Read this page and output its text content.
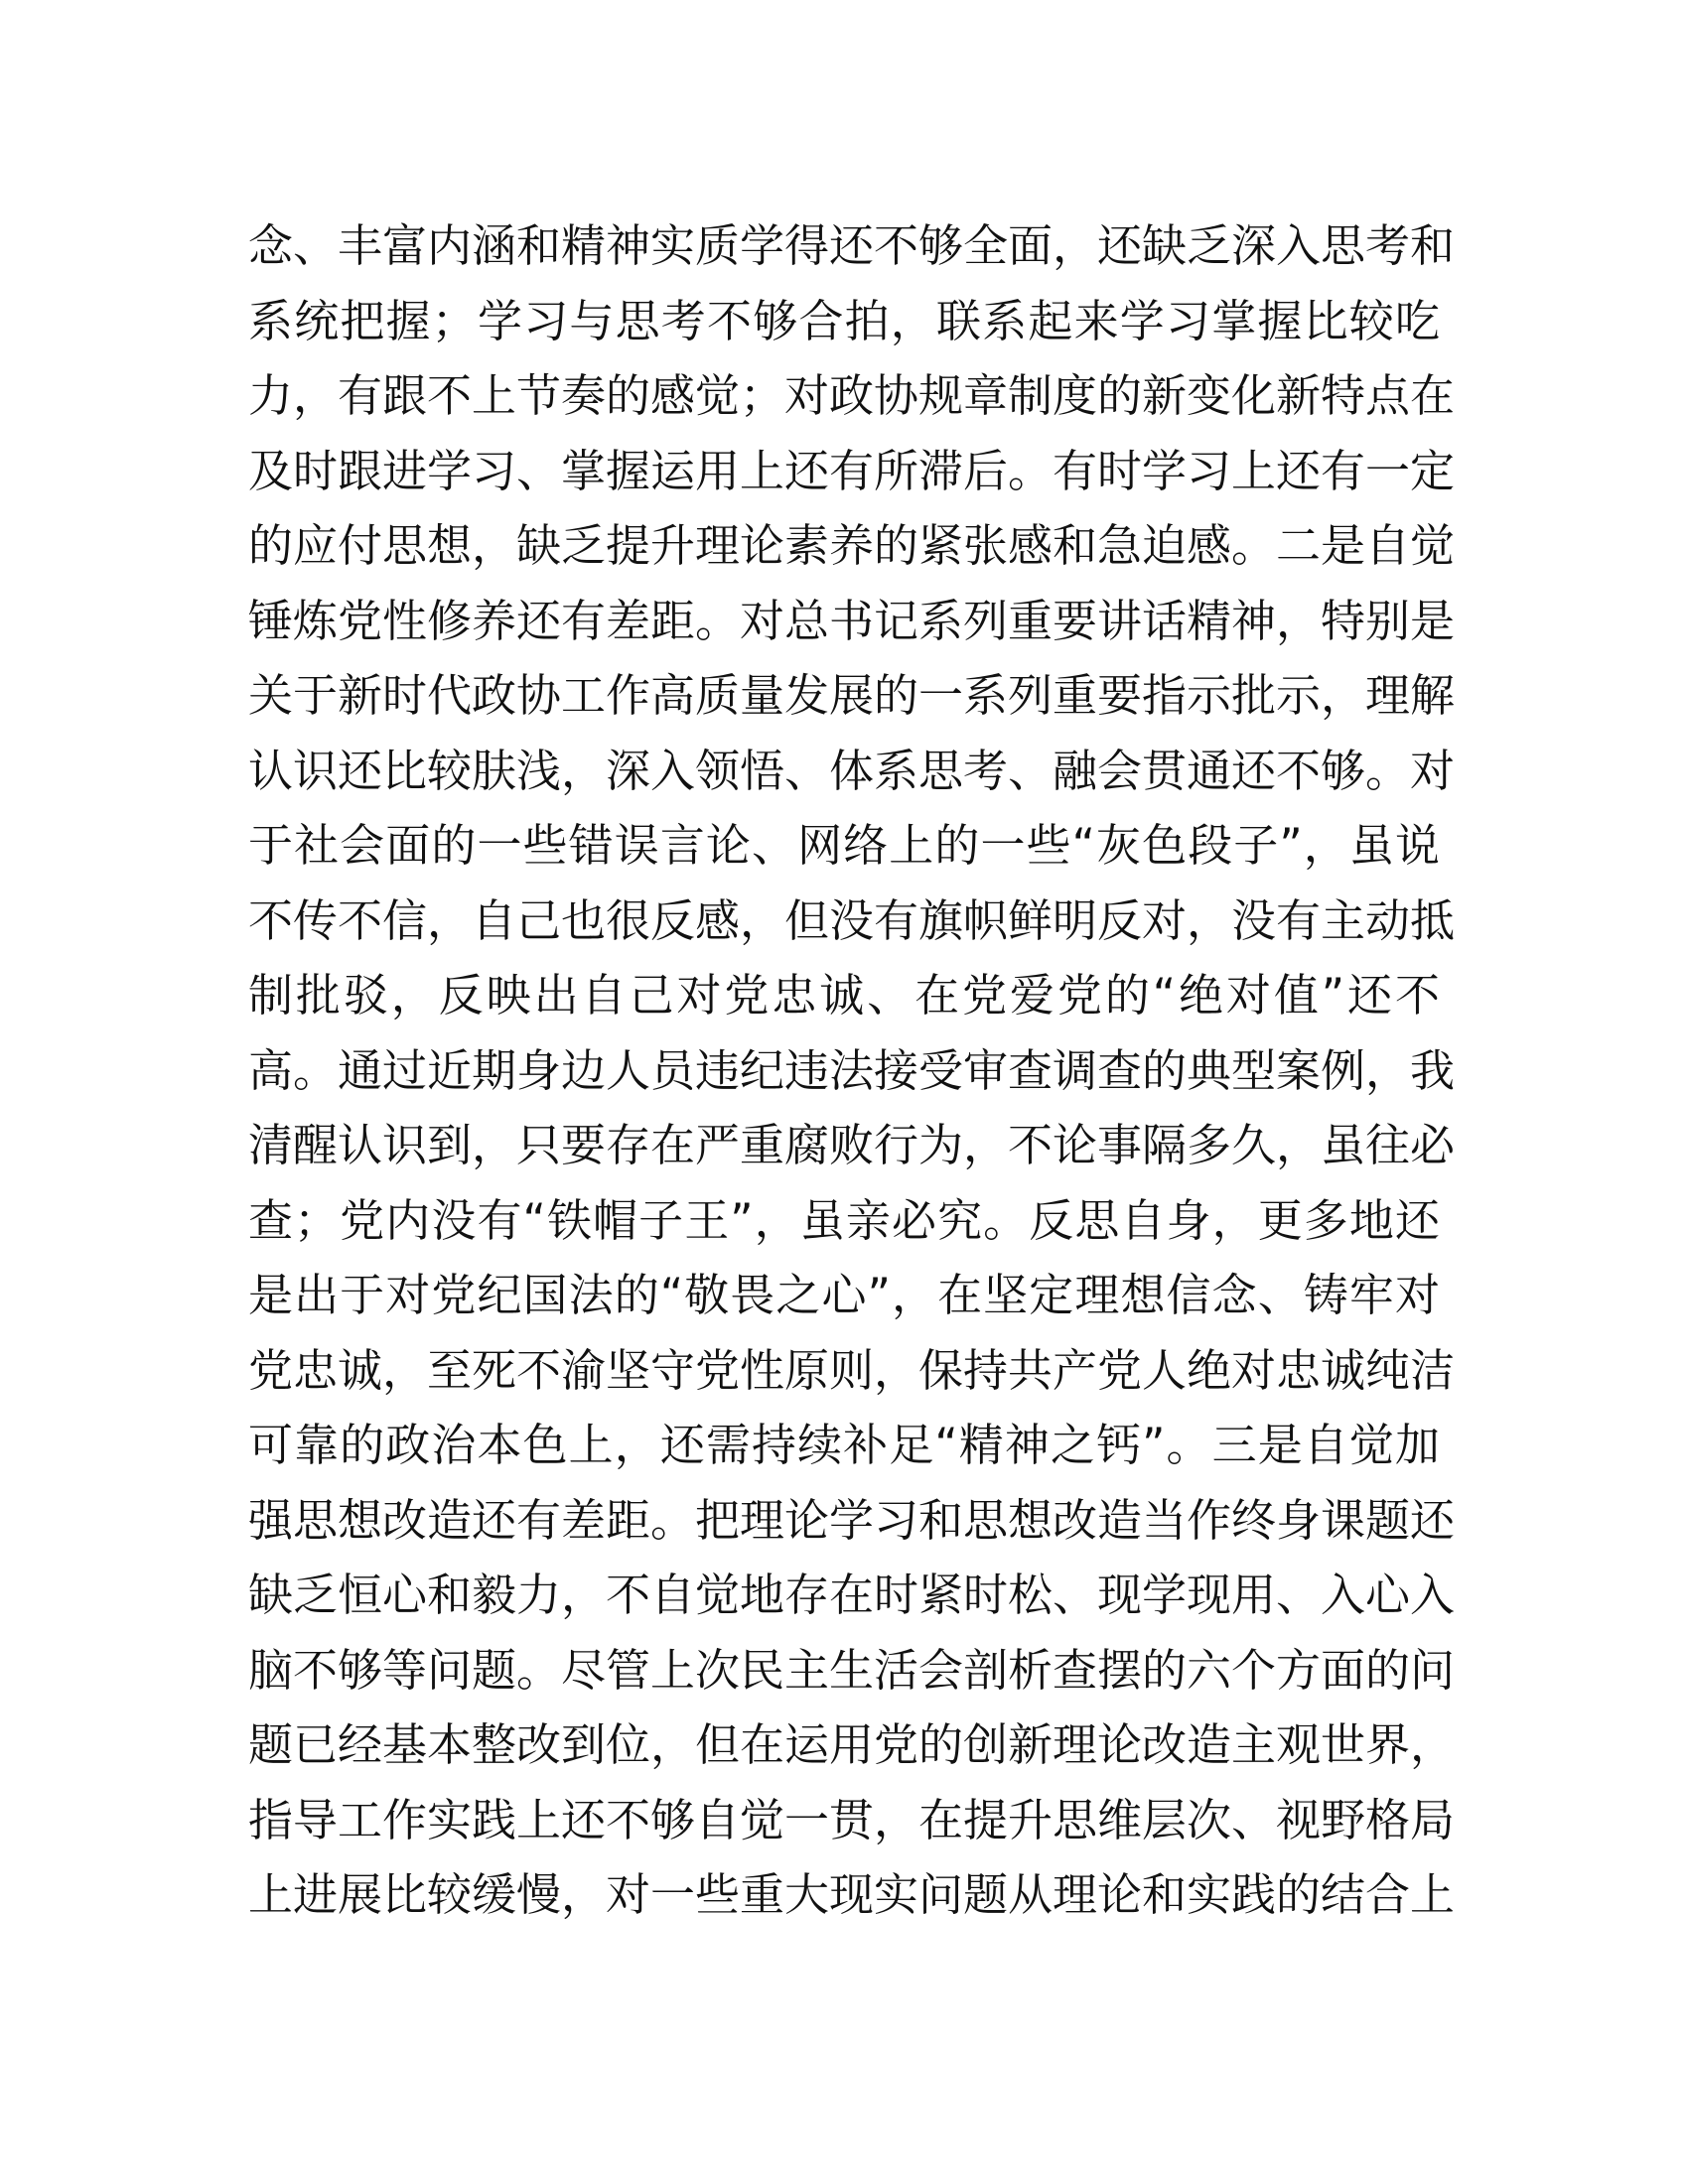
念、丰富内涵和精神实质学得还不够全面，还缺乏深入思考和
系统把握；学习与思考不够合拍，联系起来学习掌握比较吃
力，有跟不上节奏的感觉；对政协规章制度的新变化新特点在
及时跟进学习、掌握运用上还有所滞后。有时学习上还有一定
的应付思想，缺乏提升理论素养的紧张感和急迫感。二是自觉
锤炼党性修养还有差距。对总书记系列重要讲话精神，特别是
关于新时代政协工作高质量发展的一系列重要指示批示，理解
认识还比较肤浅，深入领悟、体系思考、融会贯通还不够。对
于社会面的一些错误言论、网络上的一些“灰色段子”，虽说
不传不信，自己也很反感，但没有旗帜鲜明反对，没有主动抵
制批驳，反映出自己对党忠诚、在党爱党的“绝对值”还不
高。通过近期身边人员违纪违法接受审查调查的典型案例，我
清醒认识到，只要存在严重腐败行为，不论事隔多久，虽往必
查；党内没有“铁帽子王”，虽亲必究。反思自身，更多地还
是出于对党纪国法的“敬畏之心”，在坚定理想信念、铸牢对
党忠诚，至死不渝坚守党性原则，保持共产党人绝对忠诚纯洁
可靠的政治本色上，还需持续补足“精神之钙”。三是自觉加
强思想改造还有差距。把理论学习和思想改造当作终身课题还
缺乏恒心和毅力，不自觉地存在时紧时松、现学现用、入心入
脑不够等问题。尽管上次民主生活会剖析查摆的六个方面的问
题已经基本整改到位，但在运用党的创新理论改造主观世界，
指导工作实践上还不够自觉一贯，在提升思维层次、视野格局
上进展比较缓慢，对一些重大现实问题从理论和实践的结合上
